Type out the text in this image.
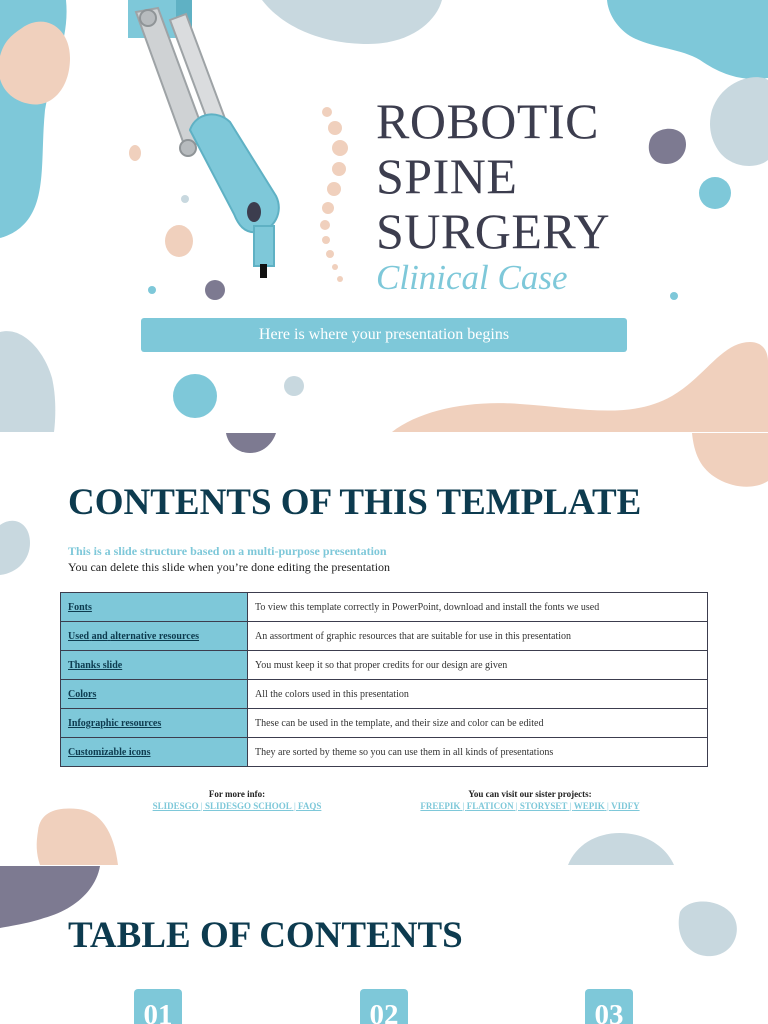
ROBOTIC
SPINE
SURGERY
Clinical Case
Here is where your presentation begins
CONTENTS OF THIS TEMPLATE
This is a slide structure based on a multi-purpose presentation
You can delete this slide when you’re done editing the presentation
Fonts	To view this template correctly in PowerPoint, download and install the fonts we used
Used and alternative resources	An assortment of graphic resources that are suitable for use in this presentation
Thanks slide	You must keep it so that proper credits for our design are given
Colors	All the colors used in this presentation
Infographic resources	These can be used in the template, and their size and color can be edited
Customizable icons	They are sorted by theme so you can use them in all kinds of presentations
For more info:
SLIDESGO | SLIDESGO SCHOOL | FAQS
You can visit our sister projects:
FREEPIK | FLATICON | STORYSET | WEPIK | VIDFY
TABLE OF CONTENTS
01	02	03
